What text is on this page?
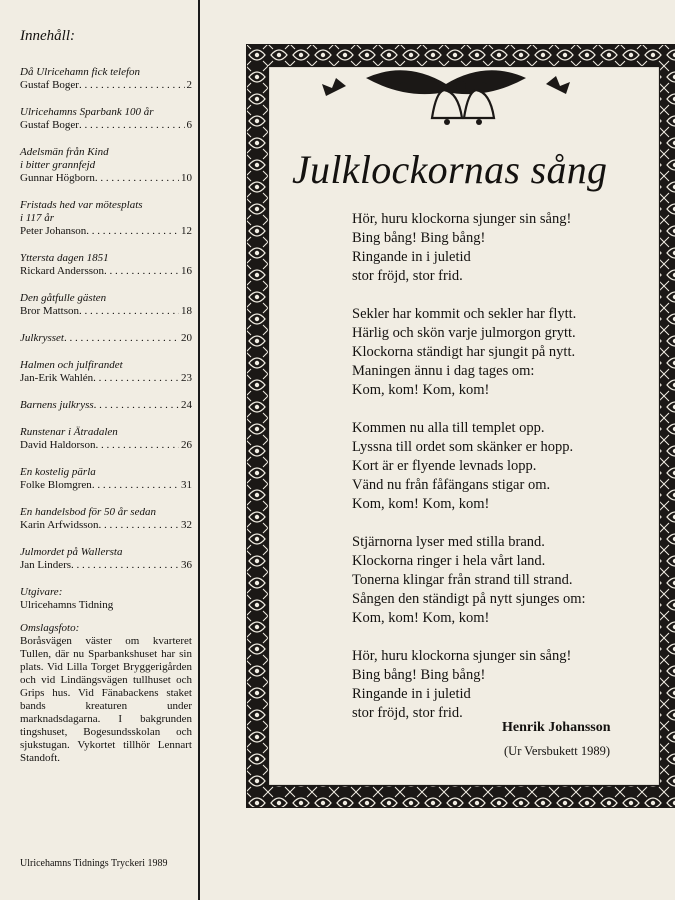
Innehåll:
Då Ulricehamn fick telefon
Gustaf Boger . . .	2
Ulricehamns Sparbank 100 år
Gustaf Boger . . .	6
Adelsmän från Kind
i bitter grannfejd
Gunnar Högborn . . .	10
Fristads hed var mötesplats
i 117 år
Peter Johanson . . .	12
Yttersta dagen 1851
Rickard Andersson . . .	16
Den gåtfulle gästen
Bror Mattson . . .	18
Julkrysset . . .	20
Halmen och julfirandet
Jan-Erik Wahlén . . .	23
Barnens julkryss . . .	24
Runstenar i Ätradalen
David Haldorson . . .	26
En kostelig pärla
Folke Blomgren . . .	31
En handelsbod för 50 år sedan
Karin Arfwidsson . . .	32
Julmordet på Wallersta
Jan Linders . . .	36
Utgivare:
Ulricehamns Tidning
Omslagsfoto:
Boråsvägen väster om kvarteret Tullen, där nu Sparbankshuset har sin plats. Vid Lilla Torget Bryggerigården och vid Lindängsvägen tullhuset och Grips hus. Vid Fänabackens staket bands kreaturen under marknadsdagarna. I bakgrunden tingshuset, Bogesundsskolan och sjukstugan. Vykortet tillhör Lennart Standoft.
Ulricehamns Tidnings Tryckeri 1989
Julklockornas sång
Hör, huru klockorna sjunger sin sång!
Bing bång! Bing bång!
Ringande in i juletid
stor fröjd, stor frid.
Sekler har kommit och sekler har flytt.
Härlig och skön varje julmorgon grytt.
Klockorna ständigt har sjungit på nytt.
Maningen ännu i dag tages om:
Kom, kom! Kom, kom!
Kommen nu alla till templet opp.
Lyssna till ordet som skänker er hopp.
Kort är er flyende levnads lopp.
Vänd nu från fåfängans stigar om.
Kom, kom! Kom, kom!
Stjärnorna lyser med stilla brand.
Klockorna ringer i hela vårt land.
Tonerna klingar från strand till strand.
Sången den ständigt på nytt sjunges om:
Kom, kom! Kom, kom!
Hör, huru klockorna sjunger sin sång!
Bing bång! Bing bång!
Ringande in i juletid
stor fröjd, stor frid.
Henrik Johansson
(Ur Versbukett 1989)
